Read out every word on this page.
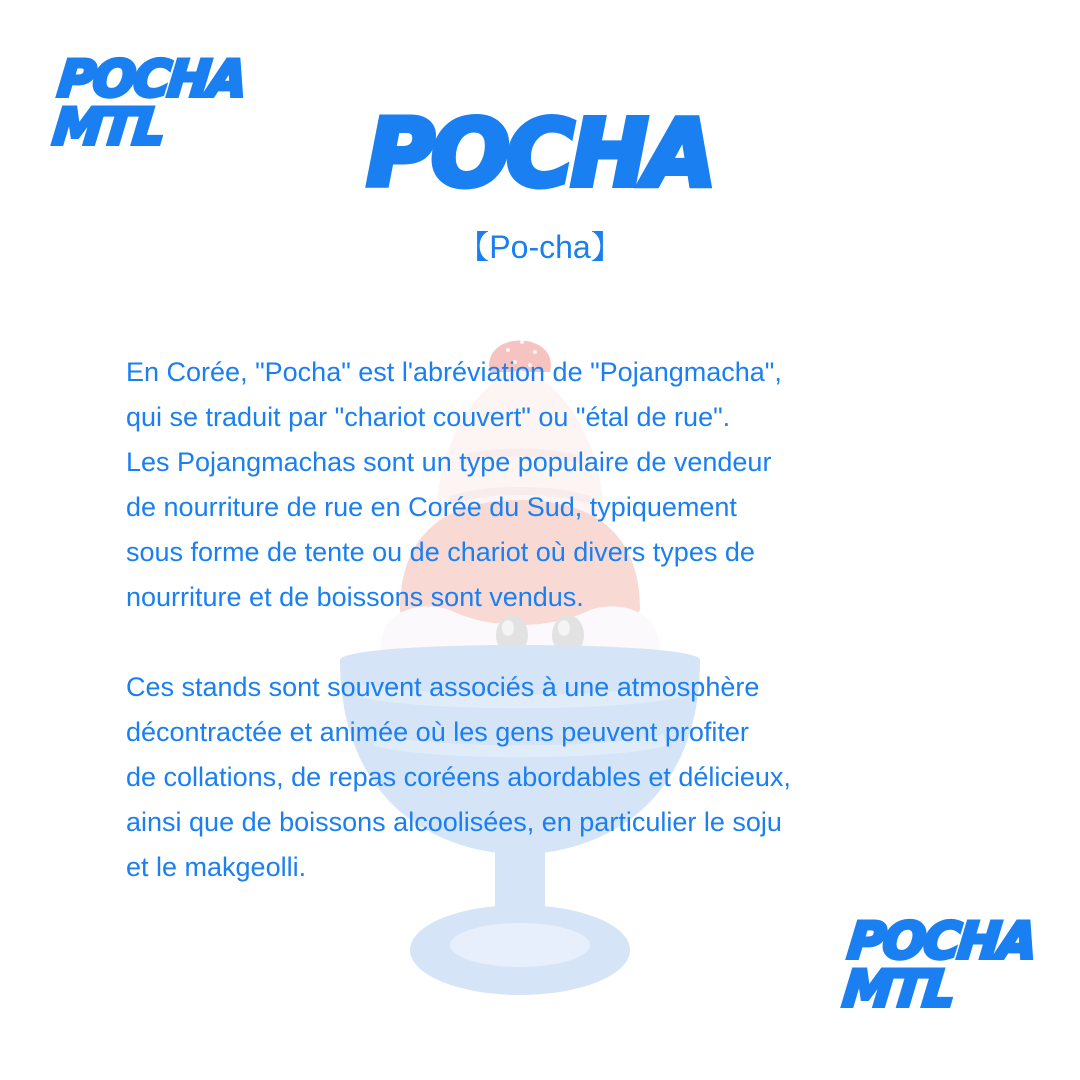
POCHA
MTL	POCHA
【Po-cha】

En Corée, "Pocha" est l'abréviation de "Pojangmacha",
qui se traduit par "chariot couvert" ou "étal de rue".
Les Pojangmachas sont un type populaire de vendeur
de nourriture de rue en Corée du Sud, typiquement
sous forme de tente ou de chariot où divers types de
nourriture et de boissons sont vendus.

Ces stands sont souvent associés à une atmosphère
décontractée et animée où les gens peuvent profiter
de collations, de repas coréens abordables et délicieux,
ainsi que de boissons alcoolisées, en particulier le soju
et le makgeolli.

POCHA
MTL
